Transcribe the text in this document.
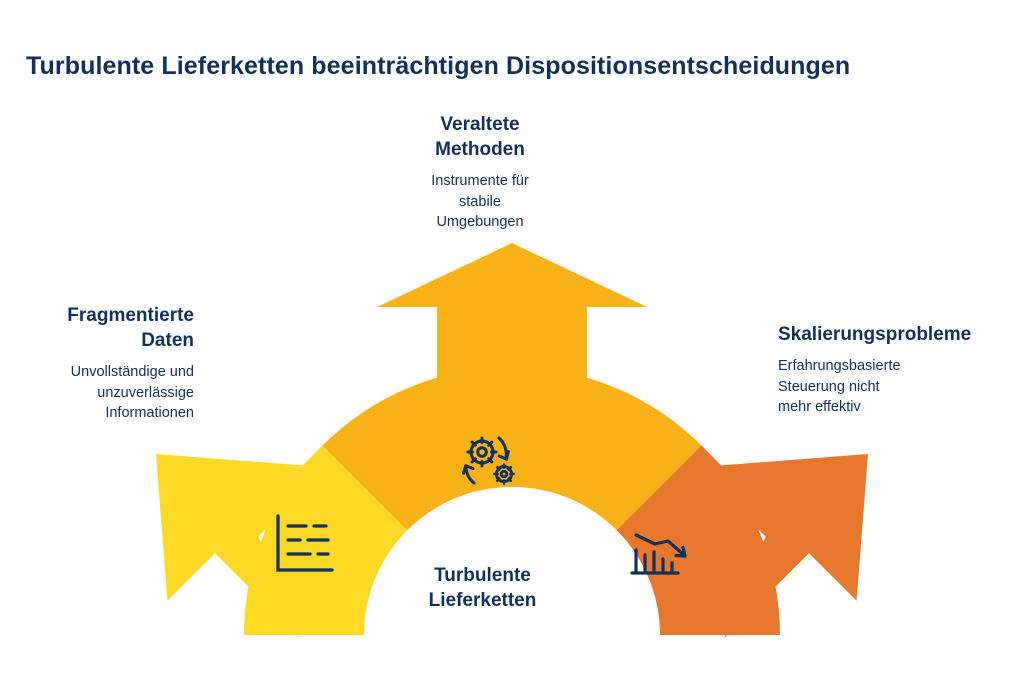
Turbulente Lieferketten beeinträchtigen Dispositionsentscheidungen
Veraltete
Methoden
Instrumente für
stabile
Umgebungen
Fragmentierte
Daten
Unvollständige und
unzuverlässige
Informationen
Skalierungsprobleme
Erfahrungsbasierte
Steuerung nicht
mehr effektiv
Turbulente
Lieferketten
